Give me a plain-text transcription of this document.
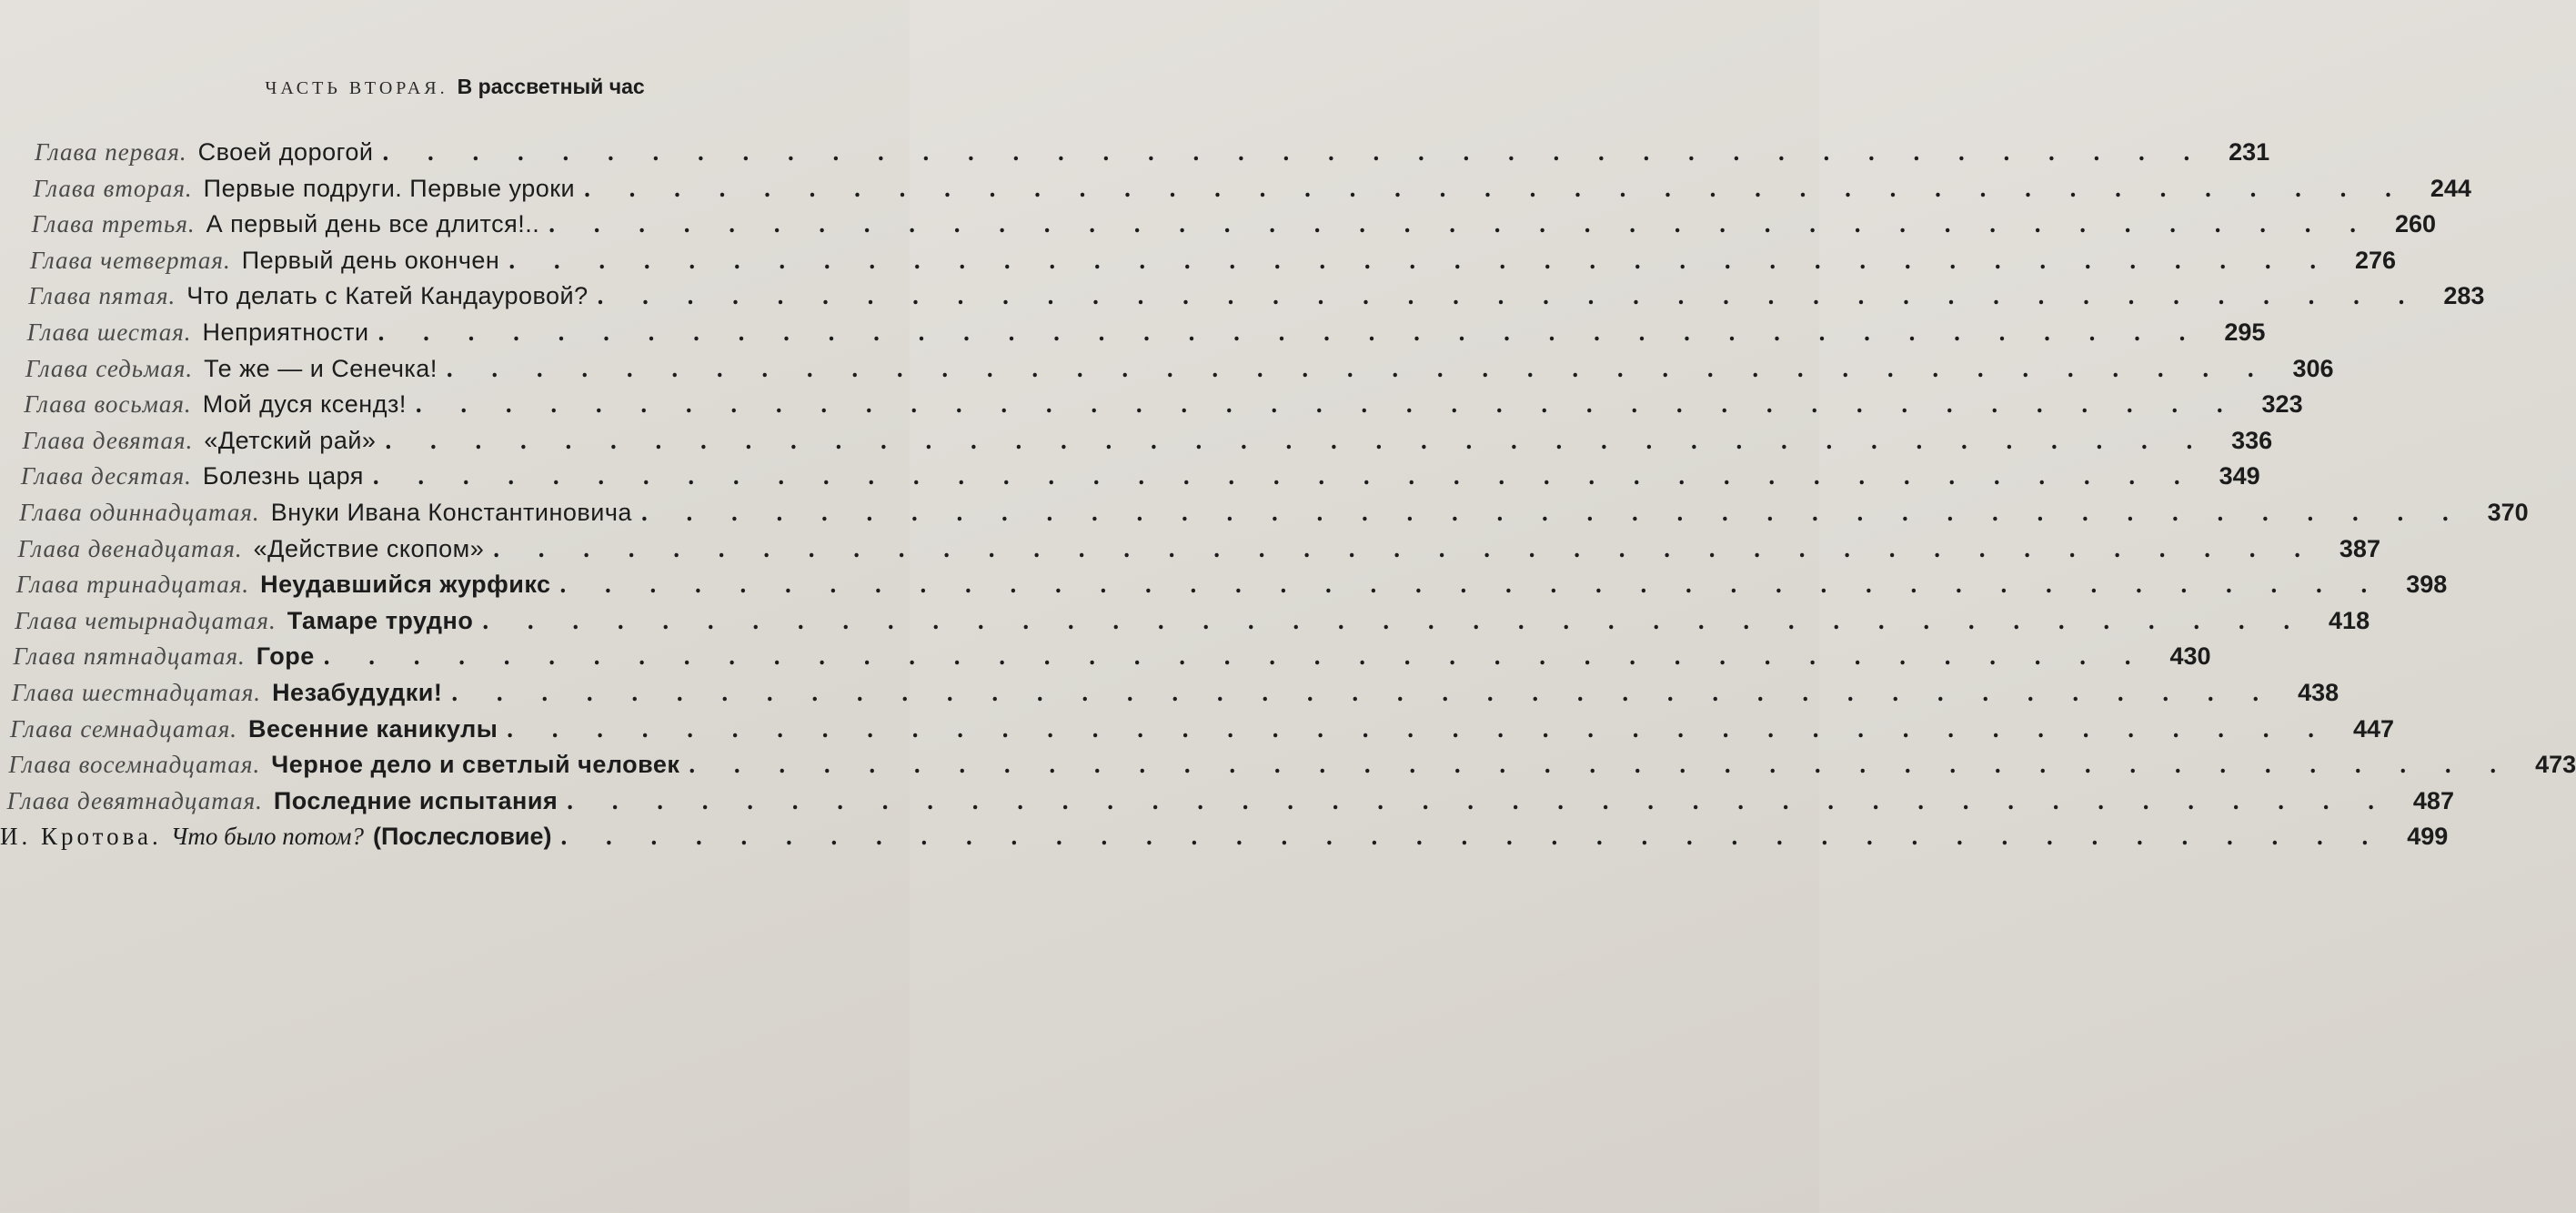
ЧАСТЬ ВТОРАЯ. В рассветный час
Глава первая. Своей дорогой . . . . . . . . . . . . . . . . . . . . . . . . . . . . . . . . . . . . . . . . . 231
Глава вторая. Первые подруги. Первые уроки . . . . . . . . . . . . . . . . . . . . . . . . . . . . . . . . . . . . . . . . . 244
Глава третья. А первый день все длится!.. . . . . . . . . . . . . . . . . . . . . . . . . . . . . . . . . . . . . . . . . . 260
Глава четвертая. Первый день окончен . . . . . . . . . . . . . . . . . . . . . . . . . . . . . . . . . . . . . . . . . 276
Глава пятая. Что делать с Катей Кандауровой? . . . . . . . . . . . . . . . . . . . . . . . . . . . . . . . . . . . . . . . . . 283
Глава шестая. Неприятности . . . . . . . . . . . . . . . . . . . . . . . . . . . . . . . . . . . . . . . . . 295
Глава седьмая. Те же — и Сенечка! . . . . . . . . . . . . . . . . . . . . . . . . . . . . . . . . . . . . . . . . . 306
Глава восьмая. Мой дуся ксендз! . . . . . . . . . . . . . . . . . . . . . . . . . . . . . . . . . . . . . . . . . 323
Глава девятая. «Детский рай» . . . . . . . . . . . . . . . . . . . . . . . . . . . . . . . . . . . . . . . . . 336
Глава десятая. Болезнь царя . . . . . . . . . . . . . . . . . . . . . . . . . . . . . . . . . . . . . . . . . 349
Глава одиннадцатая. Внуки Ивана Константиновича . . . . . . . . . . . . . . . . . . . . . . . . . . . . . . . . . . . . . . . . . 370
Глава двенадцатая. «Действие скопом» . . . . . . . . . . . . . . . . . . . . . . . . . . . . . . . . . . . . . . . . . 387
Глава тринадцатая. Неудавшийся журфикс . . . . . . . . . . . . . . . . . . . . . . . . . . . . . . . . . . . . . . . . . 398
Глава четырнадцатая. Тамаре трудно . . . . . . . . . . . . . . . . . . . . . . . . . . . . . . . . . . . . . . . . . 418
Глава пятнадцатая. Горе . . . . . . . . . . . . . . . . . . . . . . . . . . . . . . . . . . . . . . . . . 430
Глава шестнадцатая. Незабудудки! . . . . . . . . . . . . . . . . . . . . . . . . . . . . . . . . . . . . . . . . . 438
Глава семнадцатая. Весенние каникулы . . . . . . . . . . . . . . . . . . . . . . . . . . . . . . . . . . . . . . . . . 447
Глава восемнадцатая. Черное дело и светлый человек . . . . . . . . . . . . . . . . . . . . . . . . . . . . . . . . . . . . . . . . . 473
Глава девятнадцатая. Последние испытания . . . . . . . . . . . . . . . . . . . . . . . . . . . . . . . . . . . . . . . . . 487
И. Кротова. Что было потом? (Послесловие) . . . . . . . . . . . . . . . . . . . . . . . . . . . . . . . . . . . . . . . . . 499
